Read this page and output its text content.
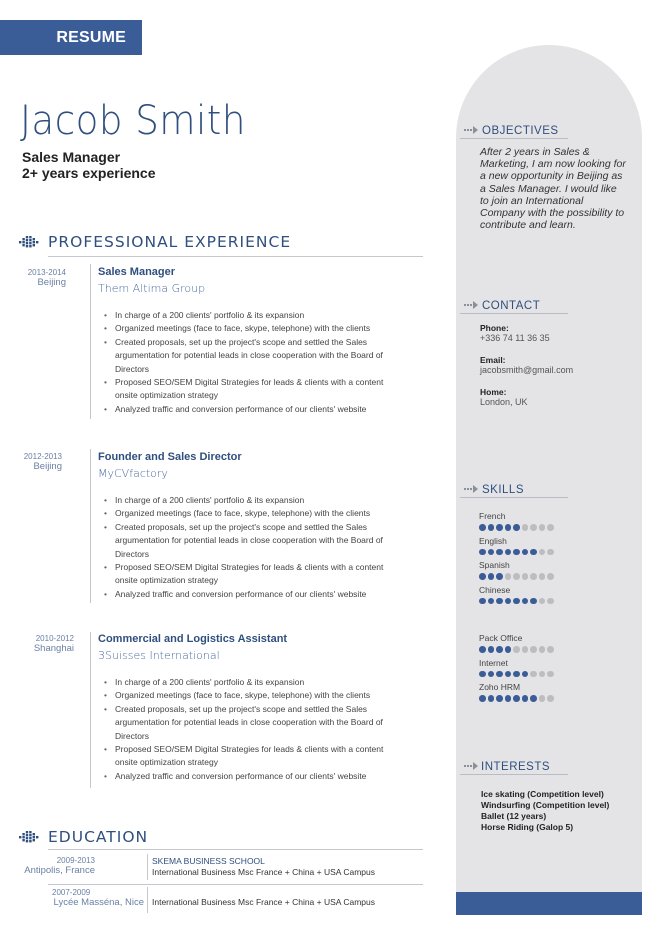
RESUME
Jacob Smith
Sales Manager
2+ years experience
OBJECTIVES
After 2 years in Sales & Marketing, I am now looking for a new opportunity in Beijing as a Sales Manager. I would like to join an International Company with the possibility to contribute and learn.
CONTACT
Phone:
+336 74 11 36 35
Email:
jacobsmith@gmail.com
Home:
London, UK
SKILLS
French
English
Spanish
Chinese
Pack Office
Internet
Zoho HRM
INTERESTS
Ice skating (Competition level)
Windsurfing (Competition level)
Ballet (12 years)
Horse Riding (Galop 5)
PROFESSIONAL EXPERIENCE
2013-2014
Beijing
Sales Manager
Them Altima Group
• In charge of a 200 clients' portfolio & its expansion
• Organized meetings (face to face, skype, telephone) with the clients
• Created proposals, set up the project's scope and settled the Sales argumentation for potential leads in close cooperation with the Board of Directors
• Proposed SEO/SEM Digital Strategies for leads & clients with a content onsite optimization strategy
• Analyzed traffic and conversion performance of our clients' website
2012-2013
Beijing
Founder and Sales Director
MyCVfactory
• In charge of a 200 clients' portfolio & its expansion
• Organized meetings (face to face, skype, telephone) with the clients
• Created proposals, set up the project's scope and settled the Sales argumentation for potential leads in close cooperation with the Board of Directors
• Proposed SEO/SEM Digital Strategies for leads & clients with a content onsite optimization strategy
• Analyzed traffic and conversion performance of our clients' website
2010-2012
Shanghai
Commercial and Logistics Assistant
3Suisses International
• In charge of a 200 clients' portfolio & its expansion
• Organized meetings (face to face, skype, telephone) with the clients
• Created proposals, set up the project's scope and settled the Sales argumentation for potential leads in close cooperation with the Board of Directors
• Proposed SEO/SEM Digital Strategies for leads & clients with a content onsite optimization strategy
• Analyzed traffic and conversion performance of our clients' website
EDUCATION
2009-2013
Antipolis, France
SKEMA BUSINESS SCHOOL
International Business Msc France + China + USA Campus
2007-2009
Lycée Masséna, Nice International Business Msc France + China + USA Campus
